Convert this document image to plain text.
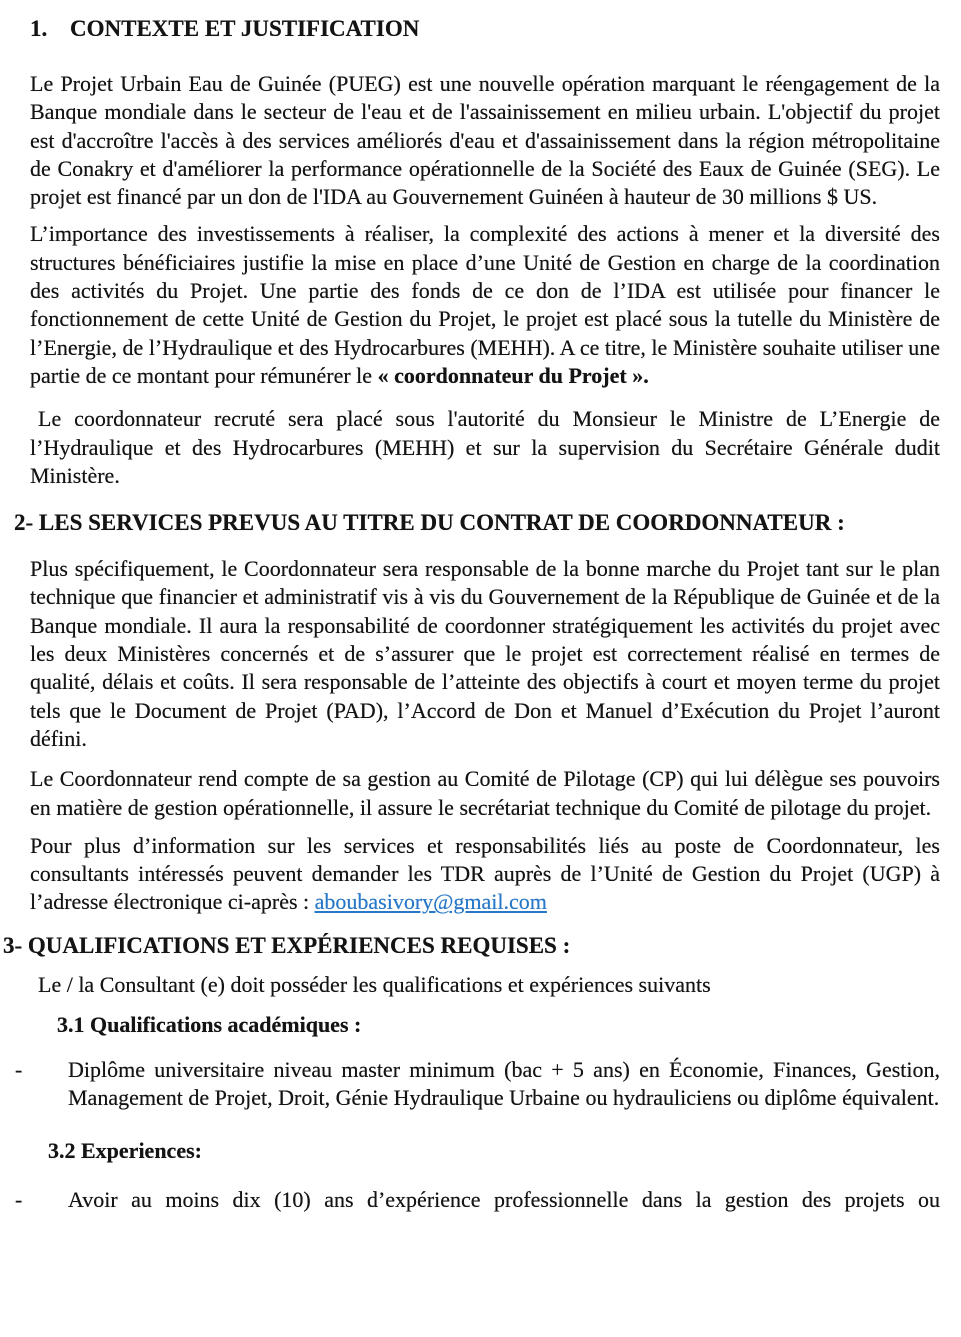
1. CONTEXTE ET JUSTIFICATION

Le Projet Urbain Eau de Guinée (PUEG) est une nouvelle opération marquant le réengagement de la Banque mondiale dans le secteur de l'eau et de l'assainissement en milieu urbain. L'objectif du projet est d'accroître l'accès à des services améliorés d'eau et d'assainissement dans la région métropolitaine de Conakry et d'améliorer la performance opérationnelle de la Société des Eaux de Guinée (SEG). Le projet est financé par un don de l'IDA au Gouvernement Guinéen à hauteur de 30 millions $ US.

L’importance des investissements à réaliser, la complexité des actions à mener et la diversité des structures bénéficiaires justifie la mise en place d’une Unité de Gestion en charge de la coordination des activités du Projet. Une partie des fonds de ce don de l’IDA est utilisée pour financer le fonctionnement de cette Unité de Gestion du Projet, le projet est placé sous la tutelle du Ministère de l’Energie, de l’Hydraulique et des Hydrocarbures (MEHH). A ce titre, le Ministère souhaite utiliser une partie de ce montant pour rémunérer le « coordonnateur du Projet ».

Le coordonnateur recruté sera placé sous l'autorité du Monsieur le Ministre de L’Energie de l’Hydraulique et des Hydrocarbures (MEHH) et sur la supervision du Secrétaire Générale dudit Ministère.

2- LES SERVICES PREVUS AU TITRE DU CONTRAT DE COORDONNATEUR :

Plus spécifiquement, le Coordonnateur sera responsable de la bonne marche du Projet tant sur le plan technique que financier et administratif vis à vis du Gouvernement de la République de Guinée et de la Banque mondiale. Il aura la responsabilité de coordonner stratégiquement les activités du projet avec les deux Ministères concernés et de s’assurer que le projet est correctement réalisé en termes de qualité, délais et coûts. Il sera responsable de l’atteinte des objectifs à court et moyen terme du projet tels que le Document de Projet (PAD), l’Accord de Don et Manuel d’Exécution du Projet l’auront défini.

Le Coordonnateur rend compte de sa gestion au Comité de Pilotage (CP) qui lui délègue ses pouvoirs en matière de gestion opérationnelle, il assure le secrétariat technique du Comité de pilotage du projet.

Pour plus d’information sur les services et responsabilités liés au poste de Coordonnateur, les consultants intéressés peuvent demander les TDR auprès de l’Unité de Gestion du Projet (UGP) à l’adresse électronique ci-après : aboubasivory@gmail.com

3- QUALIFICATIONS ET EXPÉRIENCES REQUISES :

Le / la Consultant (e) doit posséder les qualifications et expériences suivants

3.1 Qualifications académiques :
-	Diplôme universitaire niveau master minimum (bac + 5 ans) en Économie, Finances, Gestion, Management de Projet, Droit, Génie Hydraulique Urbaine ou hydrauliciens ou diplôme équivalent.
3.2 Experiences:
-	Avoir au moins dix (10) ans d’expérience professionnelle dans la gestion des projets ou
